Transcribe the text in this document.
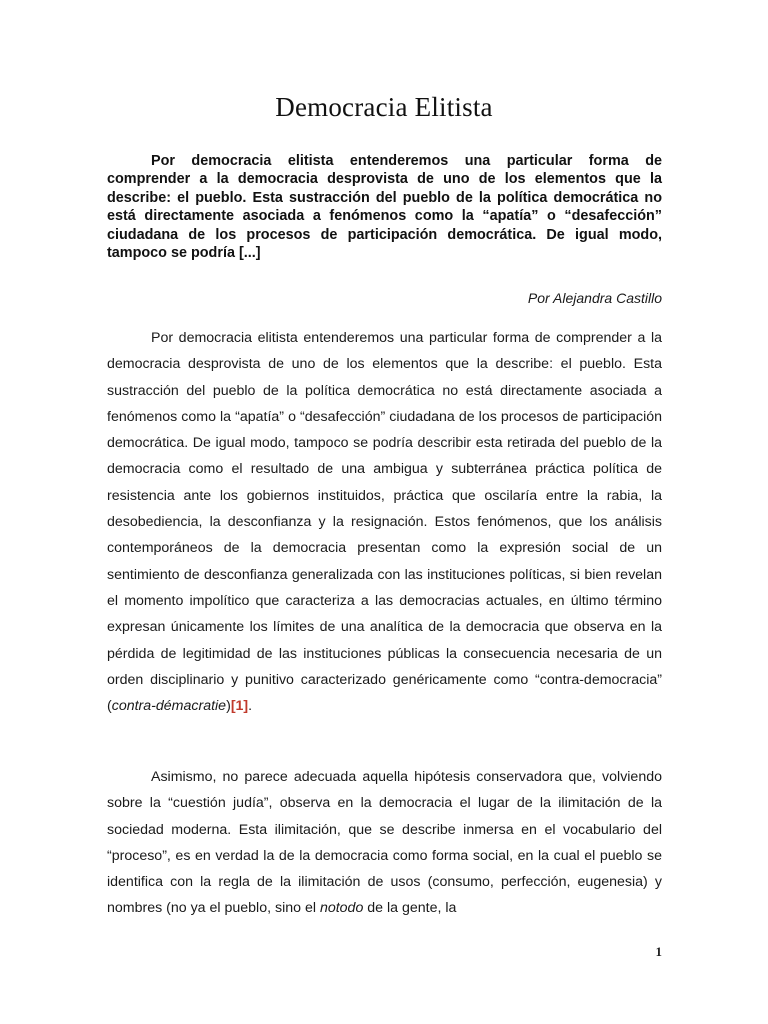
Democracia Elitista

Por democracia elitista entenderemos una particular forma de comprender a la democracia desprovista de uno de los elementos que la describe: el pueblo. Esta sustracción del pueblo de la política democrática no está directamente asociada a fenómenos como la “apatía” o “desafección” ciudadana de los procesos de participación democrática. De igual modo, tampoco se podría [...]

Por Alejandra Castillo

Por democracia elitista entenderemos una particular forma de comprender a la democracia desprovista de uno de los elementos que la describe: el pueblo. Esta sustracción del pueblo de la política democrática no está directamente asociada a fenómenos como la “apatía” o “desafección” ciudadana de los procesos de participación democrática. De igual modo, tampoco se podría describir esta retirada del pueblo de la democracia como el resultado de una ambigua y subterránea práctica política de resistencia ante los gobiernos instituidos, práctica que oscilaría entre la rabia, la desobediencia, la desconfianza y la resignación. Estos fenómenos, que los análisis contemporáneos de la democracia presentan como la expresión social de un sentimiento de desconfianza generalizada con las instituciones políticas, si bien revelan el momento impolítico que caracteriza a las democracias actuales, en último término expresan únicamente los límites de una analítica de la democracia que observa en la pérdida de legitimidad de las instituciones públicas la consecuencia necesaria de un orden disciplinario y punitivo caracterizado genéricamente como “contra-democracia” (contra-démacratie)[1].

Asimismo, no parece adecuada aquella hipótesis conservadora que, volviendo sobre la “cuestión judía”, observa en la democracia el lugar de la ilimitación de la sociedad moderna. Esta ilimitación, que se describe inmersa en el vocabulario del “proceso”, es en verdad la de la democracia como forma social, en la cual el pueblo se identifica con la regla de la ilimitación de usos (consumo, perfección, eugenesia) y nombres (no ya el pueblo, sino el notodo de la gente, la

1
